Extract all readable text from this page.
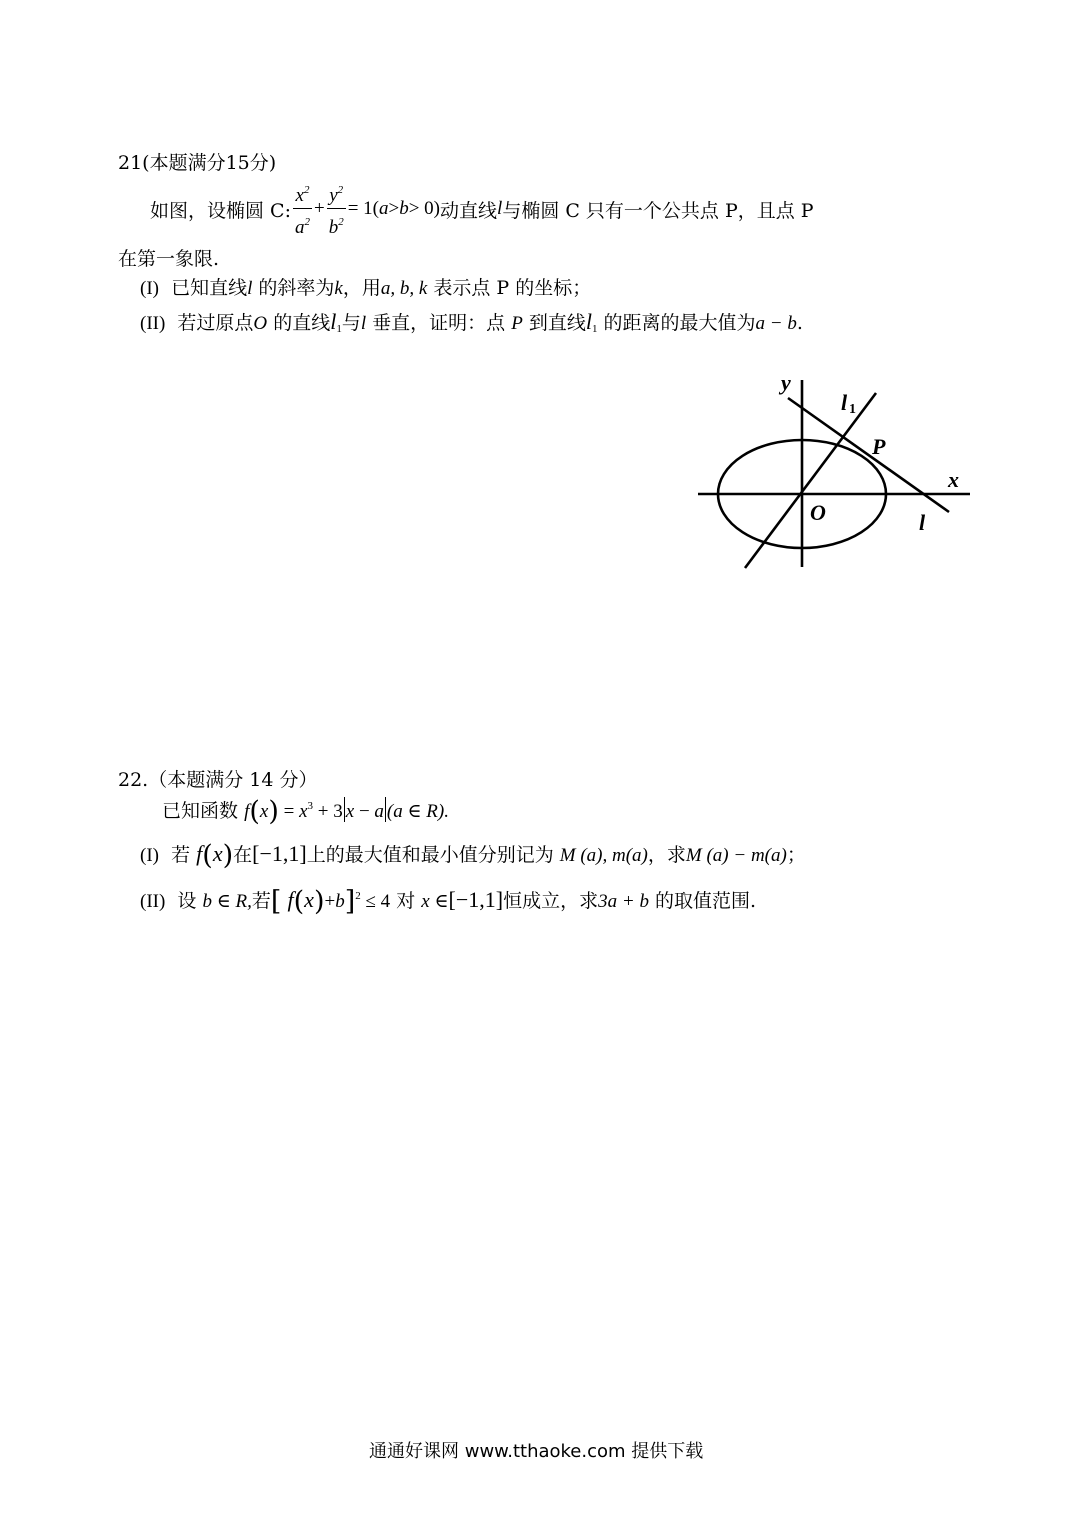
21(本题满分15分)
如图，设椭圆 C: $\frac{x^2}{a^2} + \frac{y^2}{b^2} = 1$( a > b > 0) 动直线 l 与椭圆 C 只有一个公共点 P，且点 P
在第一象限.
(I) 已知直线l 的斜率为k，用a, b, k 表示点 P 的坐标；
(II) 若过原点O 的直线$l_1$与l 垂直，证明：点 P 到直线$l_1$ 的距离的最大值为a − b.
y
l 1
P
x
O	l
22.（本题满分 14 分）
已知函数 $f(x) = x^3 + 3$ x − a (a ∈ R).
(I) 若 f(x)在[−1,1]上的最大值和最小值分别记为 M (a), m(a)，求M (a) − m(a)；
(II) 设 b ∈ R,若[ f(x)+b]$^2$ ≤ 4 对 x ∈[−1,1]恒成立，求3a + b 的取值范围.
通通好课网 www.tthaoke.com 提供下载
